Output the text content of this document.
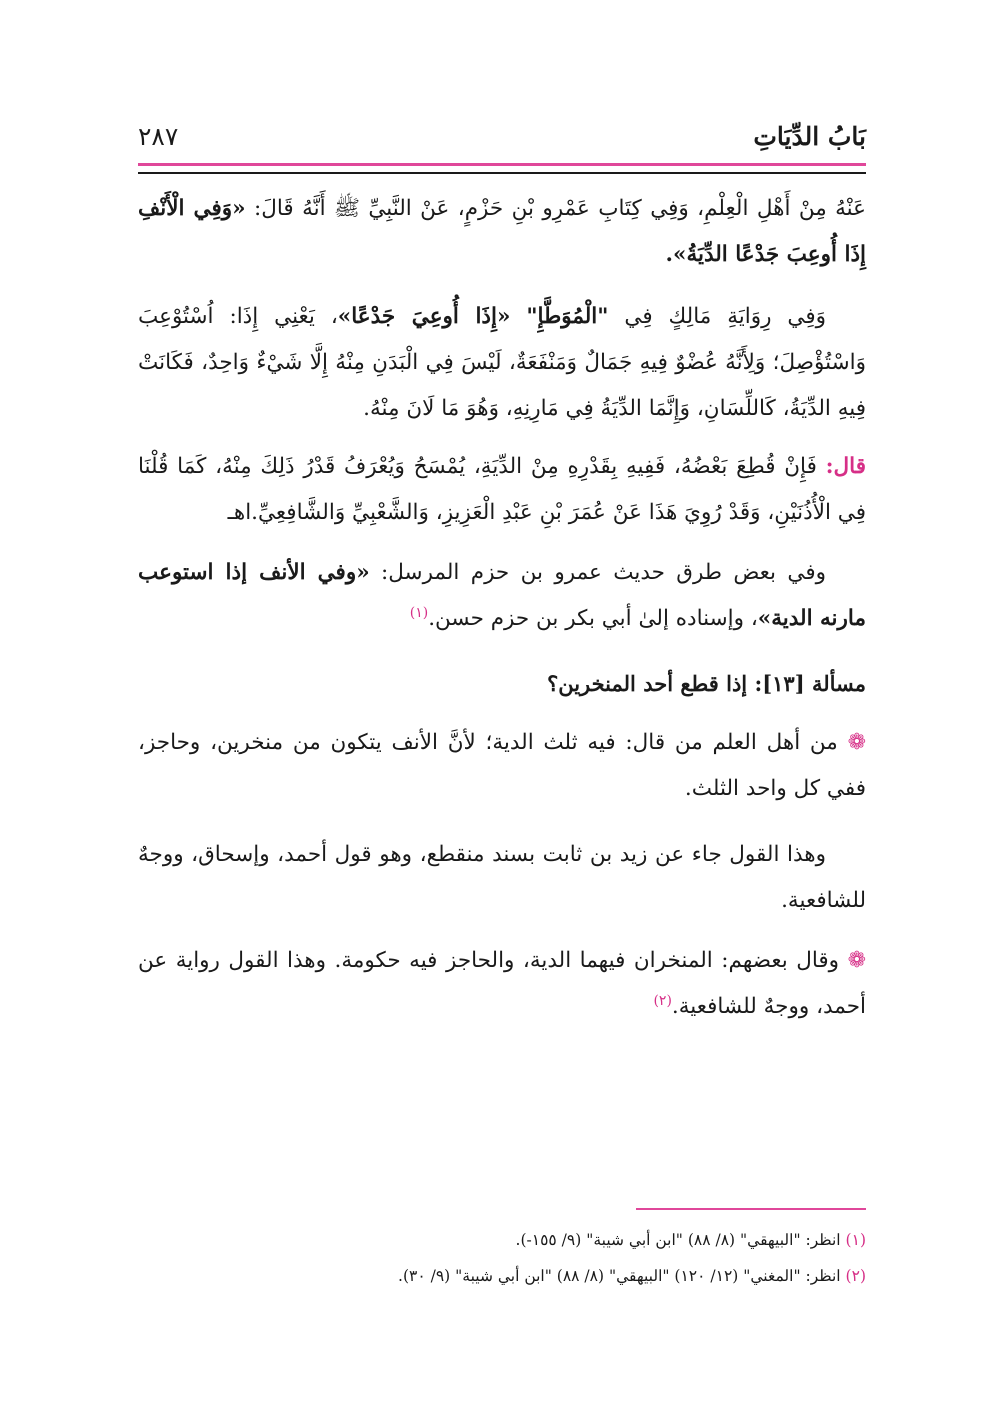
بَابُ الدِّيَاتِ
٢٨٧

عَنْهُ مِنْ أَهْلِ الْعِلْمِ، وَفِي كِتَابِ عَمْرِو بْنِ حَزْمٍ، عَنْ النَّبِيِّ ﷺ أَنَّهُ قَالَ: «وَفِي الْأَنْفِ إِذَا أُوعِبَ جَدْعًا الدِّيَةُ».

وَفِي رِوَايَةِ مَالِكٍ فِي "الْمُوَطَّإِ" «إِذَا أُوعِيَ جَدْعًا»، يَعْنِي إِذَا: اُسْتُوْعِبَ وَاسْتُؤْصِلَ؛ وَلِأَنَّهُ عُضْوٌ فِيهِ جَمَالٌ وَمَنْفَعَةٌ، لَيْسَ فِي الْبَدَنِ مِنْهُ إِلَّا شَيْءٌ وَاحِدٌ، فَكَانَتْ فِيهِ الدِّيَةُ، كَاللِّسَانِ، وَإِنَّمَا الدِّيَةُ فِي مَارِنِهِ، وَهُوَ مَا لَانَ مِنْهُ.

قال: فَإِنْ قُطِعَ بَعْضُهُ، فَفِيهِ بِقَدْرِهِ مِنْ الدِّيَةِ، يُمْسَحُ وَيُعْرَفُ قَدْرُ ذَلِكَ مِنْهُ، كَمَا قُلْنَا فِي الْأُذُنَيْنِ، وَقَدْ رُوِيَ هَذَا عَنْ عُمَرَ بْنِ عَبْدِ الْعَزِيزِ، وَالشَّعْبِيِّ وَالشَّافِعِيِّ.اهـ

وفي بعض طرق حديث عمرو بن حزم المرسل: «وفي الأنف إذا استوعب مارنه الدية»، وإسناده إلىٰ أبي بكر بن حزم حسن.$^{(١)}$

مسألة [١٣]: إذا قطع أحد المنخرين؟

❁ من أهل العلم من قال: فيه ثلث الدية؛ لأنَّ الأنف يتكون من منخرين، وحاجز، ففي كل واحد الثلث.

وهذا القول جاء عن زيد بن ثابت بسند منقطع، وهو قول أحمد، وإسحاق، ووجهٌ للشافعية.

❁ وقال بعضهم: المنخران فيهما الدية، والحاجز فيه حكومة. وهذا القول رواية عن أحمد، ووجهٌ للشافعية.$^{(٢)}$

(١) انظر: "البيهقي" (٨/ ٨٨) "ابن أبي شيبة" (٩/ ١٥٥-).

(٢) انظر: "المغني" (١٢/ ١٢٠) "البيهقي" (٨/ ٨٨) "ابن أبي شيبة" (٩/ ٣٠).
